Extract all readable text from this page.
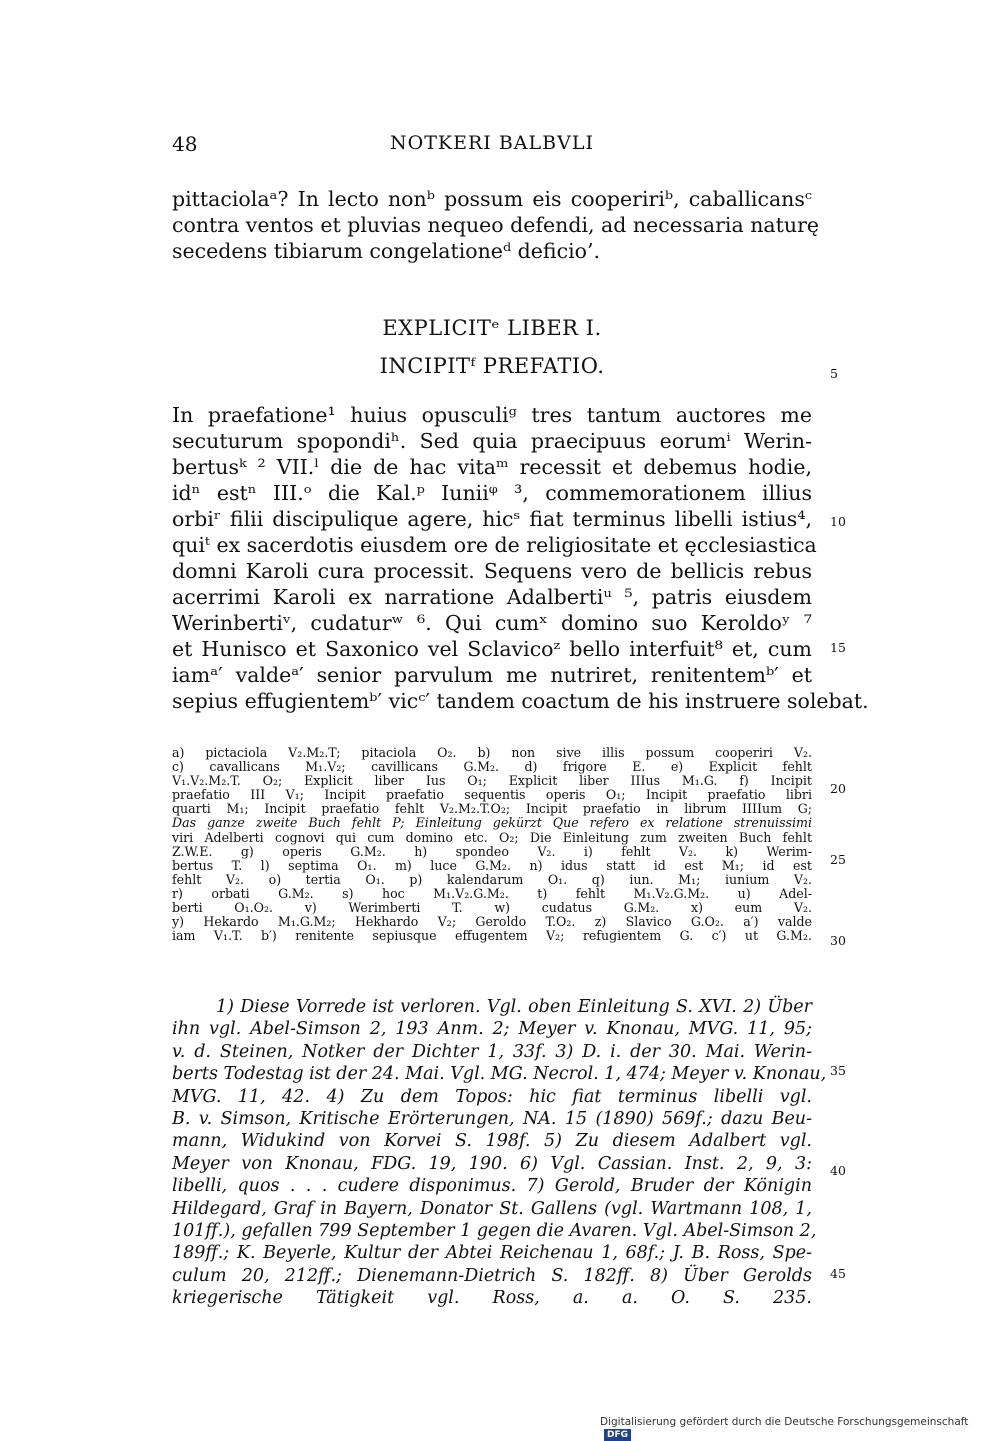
48	NOTKERI BALBVLI
pittaciolaᵃ? In lecto nonᵇ possum eis coopeririᵇ, caballicansᶜ
contra ventos et pluvias nequeo defendi, ad necessaria naturę
secedens tibiarum congelationeᵈ deficio’.
EXPLICITᵉ LIBER I.
INCIPITᶠ PREFATIO.
In praefatione¹ huius opusculiᵍ tres tantum auctores me
secuturum spopondiʰ. Sed quia praecipuus eorumⁱ Werin-
bertusᵏ ² VII.ˡ die de hac vitaᵐ recessit et debemus hodie,
idⁿ estⁿ III.ᵒ die Kal.ᵖ Iuniiᵠ ³, commemorationem illius
orbiʳ filii discipulique agere, hicˢ fiat terminus libelli istius⁴,
quiᵗ ex sacerdotis eiusdem ore de religiositate et ęcclesiastica
domni Karoli cura processit. Sequens vero de bellicis rebus
acerrimi Karoli ex narratione Adalbertiᵘ ⁵, patris eiusdem
Werinbertiᵛ, cudaturʷ ⁶. Qui cumˣ domino suo Keroldoʸ ⁷
et Hunisco et Saxonico vel Sclavicoᶻ bello interfuit⁸ et, cum
iamᵃ′ valdeᵃ′ senior parvulum me nutriret, renitentemᵇ′ et
sepius effugientemᵇ′ vicᶜ′ tandem coactum de his instruere solebat.
a) pictaciola V₂.M₂.T; pitaciola O₂. b) non sive illis possum cooperiri V₂.
c) cavallicans M₁.V₂; cavillicans G.M₂. d) frigore E. e) Explicit fehlt
V₁.V₂.M₂.T. O₂; Explicit liber Ius O₁; Explicit liber IIIus M₁.G. f) Incipit
praefatio III V₁; Incipit praefatio sequentis operis O₁; Incipit praefatio libri
quarti M₁; Incipit praefatio fehlt V₂.M₂.T.O₂; Incipit praefatio in librum IIIIum G;
Das ganze zweite Buch fehlt P; Einleitung gekürzt Que refero ex relatione strenuissimi
viri Adelberti cognovi qui cum domino etc. O₂; Die Einleitung zum zweiten Buch fehlt
Z.W.E. g) operis G.M₂. h) spondeo V₂. i) fehlt V₂. k) Werim-
bertus T. l) septima O₁. m) luce G.M₂. n) idus statt id est M₁; id est
fehlt V₂. o) tertia O₁. p) kalendarum O₁. q) iun. M₁; iunium V₂.
r) orbati G.M₂. s) hoc M₁.V₂.G.M₂. t) fehlt M₁.V₂.G.M₂. u) Adel-
berti O₁.O₂. v) Werimberti T. w) cudatus G.M₂. x) eum V₂.
y) Hekardo M₁.G.M₂; Hekhardo V₂; Geroldo T.O₂. z) Slavico G.O₂. a′) valde
iam V₁.T. b′) renitente sepiusque effugentem V₂; refugientem G. c′) ut G.M₂.
1) Diese Vorrede ist verloren. Vgl. oben Einleitung S. XVI. 2) Über
ihn vgl. Abel-Simson 2, 193 Anm. 2; Meyer v. Knonau, MVG. 11, 95;
v. d. Steinen, Notker der Dichter 1, 33f. 3) D. i. der 30. Mai. Werin-
berts Todestag ist der 24. Mai. Vgl. MG. Necrol. 1, 474; Meyer v. Knonau,
MVG. 11, 42. 4) Zu dem Topos: hic fiat terminus libelli vgl.
B. v. Simson, Kritische Erörterungen, NA. 15 (1890) 569f.; dazu Beu-
mann, Widukind von Korvei S. 198f. 5) Zu diesem Adalbert vgl.
Meyer von Knonau, FDG. 19, 190. 6) Vgl. Cassian. Inst. 2, 9, 3:
libelli, quos . . . cudere disponimus. 7) Gerold, Bruder der Königin
Hildegard, Graf in Bayern, Donator St. Gallens (vgl. Wartmann 108, 1,
101ff.), gefallen 799 September 1 gegen die Avaren. Vgl. Abel-Simson 2,
189ff.; K. Beyerle, Kultur der Abtei Reichenau 1, 68f.; J. B. Ross, Spe-
culum 20, 212ff.; Dienemann-Dietrich S. 182ff. 8) Über Gerolds
kriegerische Tätigkeit vgl. Ross, a. a. O. S. 235.
5
10
15
20
25
30
35
40
45
Digitalisierung gefördert durch die Deutsche Forschungsgemeinschaft DFG
